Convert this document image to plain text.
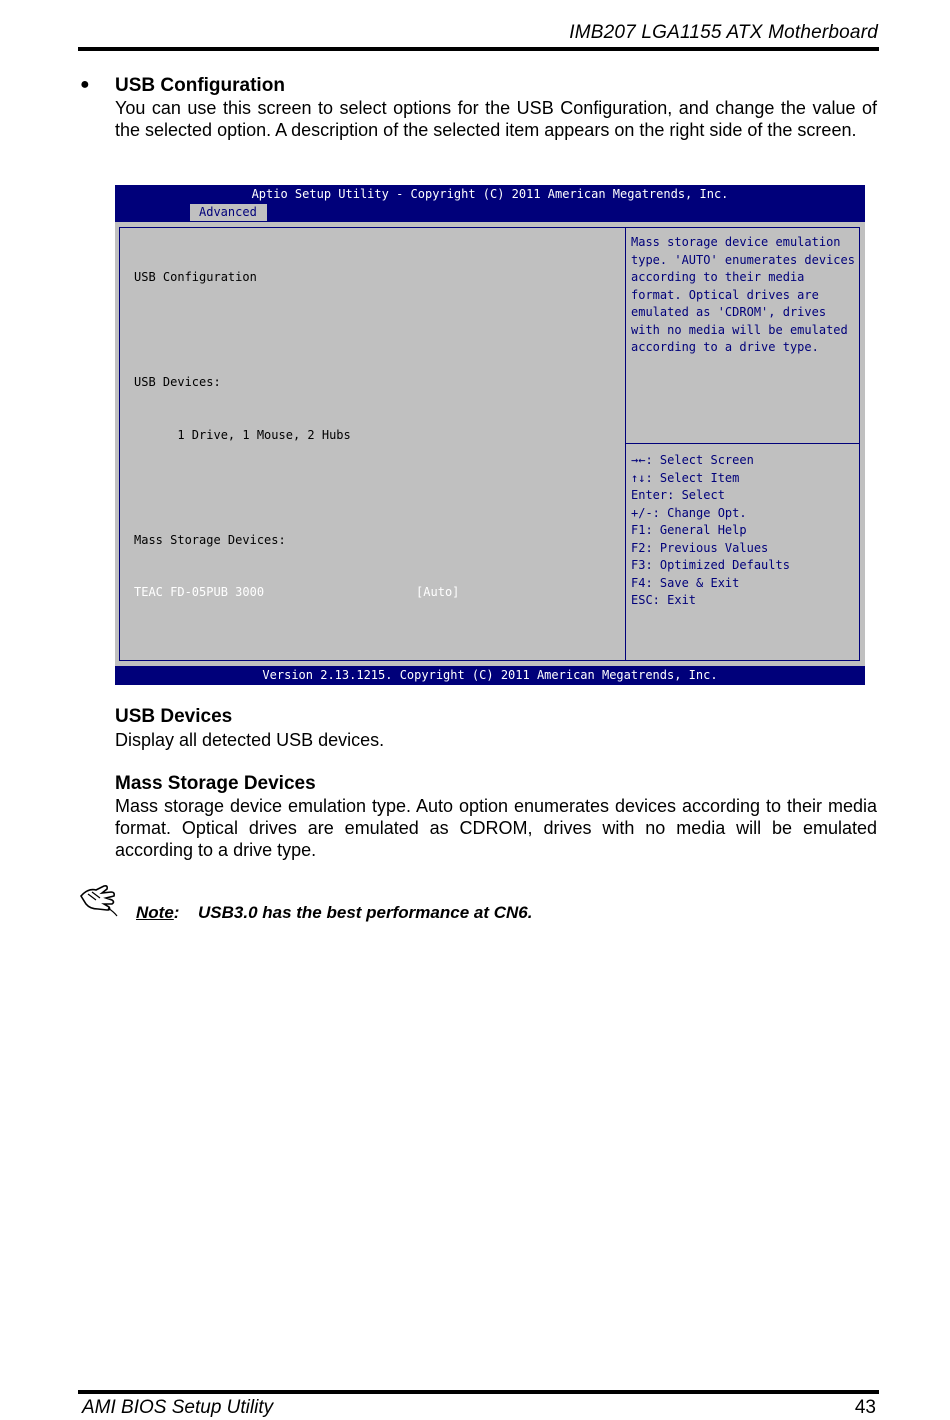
IMB207 LGA1155 ATX Motherboard
● USB Configuration
You can use this screen to select options for the USB Configuration, and change the value of the selected option. A description of the selected item appears on the right side of the screen.
Aptio Setup Utility - Copyright (C) 2011 American Megatrends, Inc.
Advanced

USB Configuration

USB Devices:

1 Drive, 1 Mouse, 2 Hubs

Mass Storage Devices:

TEAC FD-05PUB 3000	[Auto]

Mass storage device emulation type. 'AUTO' enumerates devices according to their media format. Optical drives are emulated as 'CDROM', drives with no media will be emulated according to a drive type.
→←: Select Screen
↑↓: Select Item
Enter: Select
+/-: Change Opt.
F1: General Help
F2: Previous Values
F3: Optimized Defaults
F4: Save & Exit
ESC: Exit
Version 2.13.1215. Copyright (C) 2011 American Megatrends, Inc.
USB Devices
Display all detected USB devices.
Mass Storage Devices
Mass storage device emulation type. Auto option enumerates devices according to their media format. Optical drives are emulated as CDROM, drives with no media will be emulated according to a drive type.
Note: USB3.0 has the best performance at CN6.
AMI BIOS Setup Utility	43
